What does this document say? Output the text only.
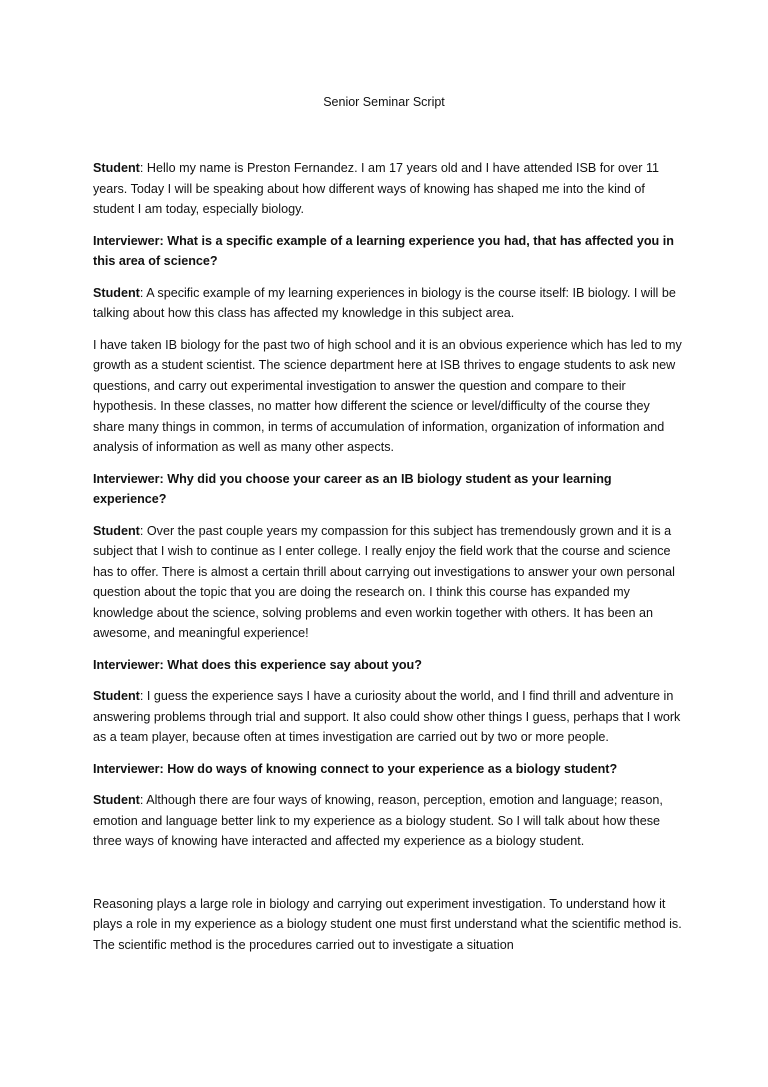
Senior Seminar Script

Student: Hello my name is Preston Fernandez. I am 17 years old and I have attended ISB for over 11 years. Today I will be speaking about how different ways of knowing has shaped me into the kind of student I am today, especially biology.

Interviewer: What is a specific example of a learning experience you had, that has affected you in this area of science?

Student: A specific example of my learning experiences in biology is the course itself: IB biology. I will be talking about how this class has affected my knowledge in this subject area.

I have taken IB biology for the past two of high school and it is an obvious experience which has led to my growth as a student scientist. The science department here at ISB thrives to engage students to ask new questions, and carry out experimental investigation to answer the question and compare to their hypothesis. In these classes, no matter how different the science or level/difficulty of the course they share many things in common, in terms of accumulation of information, organization of information and analysis of information as well as many other aspects.

Interviewer: Why did you choose your career as an IB biology student as your learning experience?

Student: Over the past couple years my compassion for this subject has tremendously grown and it is a subject that I wish to continue as I enter college. I really enjoy the field work that the course and science has to offer. There is almost a certain thrill about carrying out investigations to answer your own personal question about the topic that you are doing the research on. I think this course has expanded my knowledge about the science, solving problems and even workin together with others. It has been an awesome, and meaningful experience!

Interviewer: What does this experience say about you?

Student: I guess the experience says I have a curiosity about the world, and I find thrill and adventure in answering problems through trial and support. It also could show other things I guess, perhaps that I work as a team player, because often at times investigation are carried out by two or more people.

Interviewer: How do ways of knowing connect to your experience as a biology student?

Student: Although there are four ways of knowing, reason, perception, emotion and language; reason, emotion and language better link to my experience as a biology student. So I will talk about how these three ways of knowing have interacted and affected my experience as a biology student.

Reasoning plays a large role in biology and carrying out experiment investigation. To understand how it plays a role in my experience as a biology student one must first understand what the scientific method is. The scientific method is the procedures carried out to investigate a situation
